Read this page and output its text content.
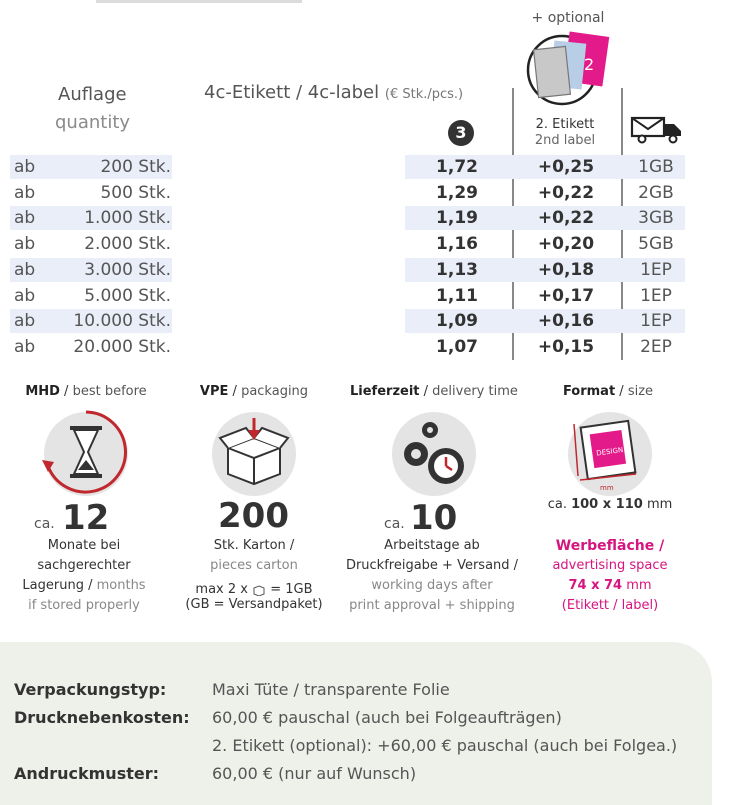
+ optional
2
Auflage
quantity
4c-Etikett / 4c-label (€ Stk./pcs.)
3	2. Etikett
2nd label
ab	200 Stk.	1,72	+0,25	1GB
ab	500 Stk.	1,29	+0,22	2GB
ab	1.000 Stk.	1,19	+0,22	3GB
ab	2.000 Stk.	1,16	+0,20	5GB
ab	3.000 Stk.	1,13	+0,18	1EP
ab	5.000 Stk.	1,11	+0,17	1EP
ab	10.000 Stk.	1,09	+0,16	1EP
ab	20.000 Stk.	1,07	+0,15	2EP
MHD / best before
ca. 12
Monate bei
sachgerechter
Lagerung / months
if stored properly
VPE / packaging
200
Stk. Karton /
pieces carton
max 2 x = 1GB
(GB = Versandpaket)
Lieferzeit / delivery time
ca. 10
Arbeitstage ab
Druckfreigabe + Versand /
working days after
print approval + shipping
Format / size
DESIGN
mm
ca. 100 x 110 mm
Werbefläche /
advertising space
74 x 74 mm
(Etikett / label)
Verpackungstyp:	Maxi Tüte / transparente Folie
Drucknebenkosten: 60,00 € pauschal (auch bei Folgeaufträgen)
2. Etikett (optional): +60,00 € pauschal (auch bei Folgea.)
Andruckmuster:	60,00 € (nur auf Wunsch)
